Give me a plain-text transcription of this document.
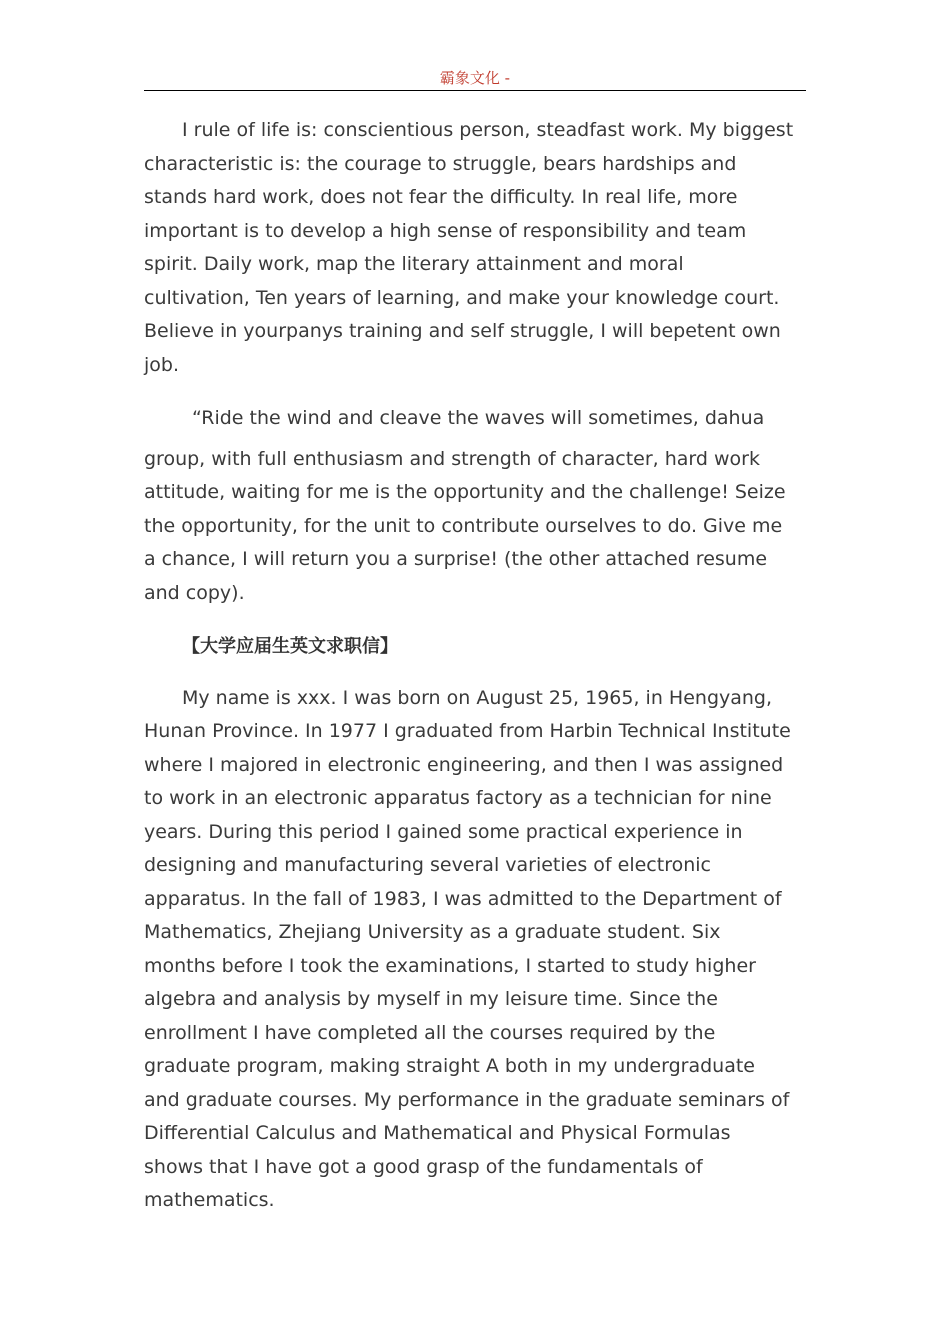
霸象文化 -

I rule of life is: conscientious person, steadfast work. My biggest characteristic is: the courage to struggle, bears hardships and stands hard work, does not fear the difficulty. In real life, more important is to develop a high sense of responsibility and team spirit. Daily work, map the literary attainment and moral cultivation, Ten years of learning, and make your knowledge court. Believe in yourpanys training and self struggle, I will bepetent own job.

“Ride the wind and cleave the waves will sometimes, dahua
group, with full enthusiasm and strength of character, hard work attitude, waiting for me is the opportunity and the challenge! Seize the opportunity, for the unit to contribute ourselves to do. Give me a chance, I will return you a surprise! (the other attached resume and copy).
【大学应届生英文求职信】

My name is xxx. I was born on August 25, 1965, in Hengyang, Hunan Province. In 1977 I graduated from Harbin Technical Institute where I majored in electronic engineering, and then I was assigned to work in an electronic apparatus factory as a technician for nine years. During this period I gained some practical experience in designing and manufacturing several varieties of electronic apparatus. In the fall of 1983, I was admitted to the Department of Mathematics, Zhejiang University as a graduate student. Six months before I took the examinations, I started to study higher algebra and analysis by myself in my leisure time. Since the enrollment I have completed all the courses required by the graduate program, making straight A both in my undergraduate and graduate courses. My performance in the graduate seminars of Differential Calculus and Mathematical and Physical Formulas shows that I have got a good grasp of the fundamentals of mathematics.
